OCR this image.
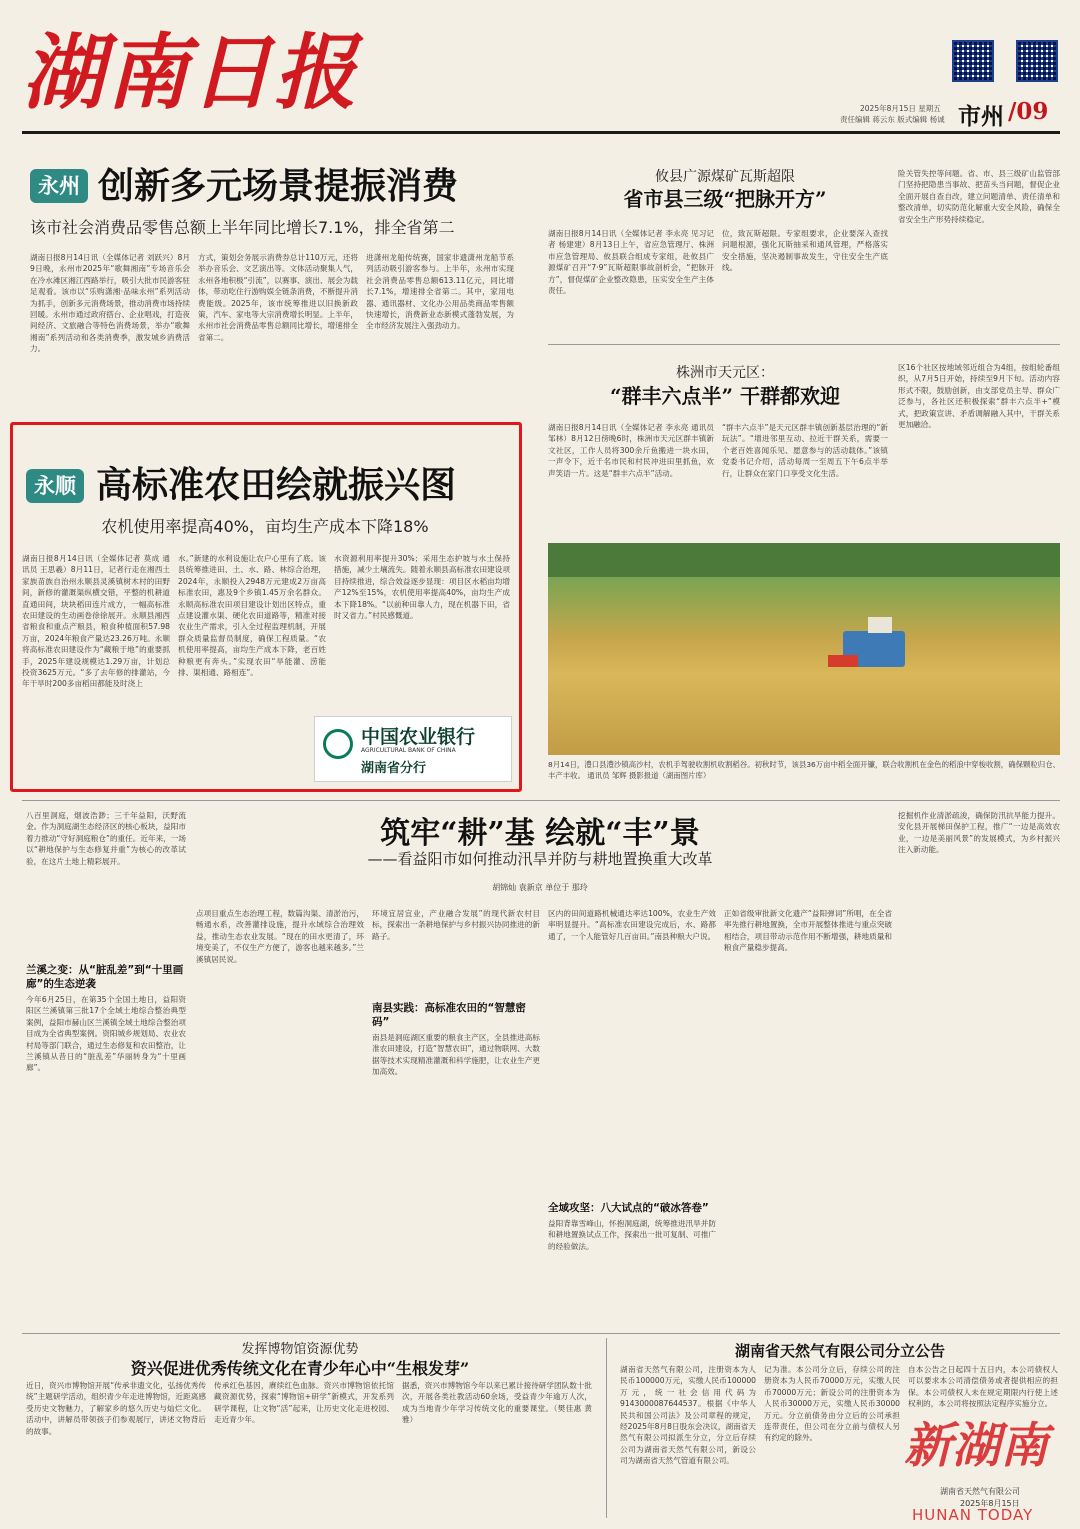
湖南日报	2025年8月15日 星期五
责任编辑 蒋云东 版式编辑 杨诚 市州 /09
永州 创新多元场景提振消费
该市社会消费品零售总额上半年同比增长7.1%，排全省第二
湖南日报8月14日讯（全媒体记者 刘跃兴）8月9日晚，永州市2025年“歌舞湘南”专场音乐会在冷水滩区湘江西路举行，吸引大批市民游客驻足观看。该市以“乐购潇湘·品味永州”系列活动为抓手，创新多元消费场景，推动消费市场持续回暖。永州市通过政府搭台、企业唱戏，打造夜间经济、文旅融合等特色消费场景，举办“歌舞湘南”系列活动和各类消费季，激发城乡消费活力。
方式，策划会务展示消费券总计110万元，还将举办音乐会、文艺演出等。文体活动聚集人气，永州各地积极“引流”，以赛事、演出、展会为载体，带动吃住行游购娱全链条消费，不断提升消费能级。2025年，该市统筹推进以旧换新政策，汽车、家电等大宗消费增长明显。上半年，永州市社会消费品零售总额同比增长，增速排全省第二。
进潇州龙船传统赛，国家非遗潇州龙船节系列活动吸引游客参与。上半年，永州市实现社会消费品零售总额613.11亿元，同比增长7.1%，增速排全省第二。其中，家用电器、通讯器材、文化办公用品类商品零售额快速增长，消费新业态新模式蓬勃发展，为全市经济发展注入强劲动力。
攸县广源煤矿瓦斯超限
省市县三级“把脉开方”
湖南日报8月14日讯（全媒体记者 李永亮 见习记者 杨建建）8月13日上午，省应急管理厅、株洲市应急管理局、攸县联合组成专家组，赴攸县广源煤矿召开“7·9”瓦斯超限事故剖析会，“把脉开方”，督促煤矿企业整改隐患，压实安全生产主体责任。
位，致瓦斯超限。专家组要求，企业要深入查找问题根源，强化瓦斯抽采和通风管理，严格落实安全措施，坚决遏制事故发生，守住安全生产底线。
险关管失控等问题。省、市、县三级矿山监管部门坚持把隐患当事故、把苗头当问题，督促企业全面开展自查自改，建立问题清单、责任清单和整改清单，切实防范化解重大安全风险，确保全省安全生产形势持续稳定。
株洲市天元区：
“群丰六点半” 干群都欢迎
湖南日报8月14日讯（全媒体记者 李永亮 通讯员 邹林）8月12日傍晚6时，株洲市天元区群丰镇新文社区，工作人员将300余斤鱼搬进一块水田，一声令下，近千名市民和村民冲进田里抓鱼，欢声笑语一片。这是“群丰六点半”活动。
“群丰六点半”是天元区群丰镇创新基层治理的“新玩法”。“增进邻里互动、拉近干群关系，需要一个老百姓喜闻乐见、愿意参与的活动载体。”该镇党委书记介绍，活动每周一至周五下午6点半举行，让群众在家门口享受文化生活。
区16个社区按地域邻近组合为4组，按组轮番组织，从7月5日开始，持续至9月下旬。活动内容形式不限，鼓励创新，由支部党员主导、群众广泛参与，各社区还积极探索“群丰六点半+”模式，把政策宣讲、矛盾调解融入其中，干群关系更加融洽。
永顺 高标准农田绘就振兴图
农机使用率提高40%，亩均生产成本下降18%
湖南日报8月14日讯（全媒体记者 莫成 通讯员 王思羲）8月11日，记者行走在湘西土家族苗族自治州永顺县灵溪镇树木村的田野间，新修的灌溉渠纵横交错，平整的机耕道直通田间，块块稻田连片成方，一幅高标准农田建设的生动画卷徐徐展开。永顺县湘西省粮食和重点产粮县，粮食种植面积57.98万亩，2024年粮食产量达23.26万吨。永顺将高标准农田建设作为“藏粮于地”的重要抓手，2025年建设规模达1.29万亩，计划总投资3625万元。“多了去年修的排灌站，今年干旱时200多亩稻田都能及时浇上
水。”新建的水利设施让农户心里有了底。该县统筹推进田、土、水、路、林综合治理，2024年，永顺投入2948万元建成2万亩高标准农田，惠及9个乡镇1.45万余名群众。永顺高标准农田项目建设计划出区特点，重点建设灌水渠、硬化农田道路等，精准对接农业生产需求，引入全过程监理机制，开展群众质量监督员制度，确保工程质量。“农机使用率提高，亩均生产成本下降，老百姓种粮更有奔头。”实现农田“旱能灌、涝能排、渠相通、路相连”。
水资源利用率提升30%；采用生态护坡与水土保持措施，减少土壤流失。随着永顺县高标准农田建设项目持续推进，综合效益逐步显现：项目区水稻亩均增产12%至15%，农机使用率提高40%，亩均生产成本下降18%。“以前种田靠人力，现在机器下田，省时又省力。”村民感慨道。
中国农业银行
AGRICULTURAL BANK OF CHINA
湖南省分行	8月14日，澧口县澧沙镇高沙村，农机手驾驶收割机收割稻谷。初秋时节，该县36万亩中稻全面开镰，联合收割机在金色的稻浪中穿梭收割，确保颗粒归仓、丰产丰收。 通讯员 邹辉 摄影报道（湖南图片库）
筑牢“耕”基 绘就“丰”景
——看益阳市如何推动汛旱并防与耕地置换重大改革
胡锦灿 袁新京 单位于 那玲
八百里洞庭，烟波浩渺；三千年益阳，沃野流金。作为洞庭湖生态经济区的核心板块，益阳市着力推动“守好洞庭粮仓”的重任。近年来，一场以“耕地保护与生态修复并重”为核心的改革试验，在这片土地上精彩展开。
兰溪之变：从“脏乱差”到“十里画廊”的生态逆袭
今年6月25日，在第35个全国土地日，益阳资阳区兰溪镇第三批17个全域土地综合整治典型案例，益阳市赫山区兰溪镇全域土地综合整治项目成为全省典型案例。资阳城乡规划局、农业农村局等部门联合，通过生态修复和农田整治，让兰溪镇从昔日的“脏乱差”华丽转身为“十里画廊”。
点项目重点生态治理工程，数篇沟渠、清淤治污，畅通水系，改善灌排设施，提升水域综合治理效益，推动生态农业发展。“现在的田水更清了，环境变美了，不仅生产方便了，游客也越来越多。”兰溪镇居民说。
环境宜居宜业，产业融合发展”的现代新农村目标，探索出一条耕地保护与乡村振兴协同推进的新路子。
南县实践：高标准农田的“智慧密码”
南县是洞庭湖区重要的粮食主产区，全县推进高标准农田建设，打造“智慧农田”，通过物联网、大数据等技术实现精准灌溉和科学施肥，让农业生产更加高效。
区内的田间道路机械通达率达100%，农业生产效率明显提升。“高标准农田建设完成后，水、路都通了，一个人能管好几百亩田。”南县种粮大户说。
全域攻坚：八大试点的“破冰答卷”
益阳背靠雪峰山，怀抱洞庭湖，统筹推进汛旱并防和耕地置换试点工作，探索出一批可复制、可推广的经验做法。
正如省级审批新文化遗产“益阳弹词”所唱，在全省率先推行耕地置换，全市开展整体推进与重点突破相结合，项目带动示范作用不断增强，耕地质量和粮食产量稳步提高。
挖掘机作业清淤疏浚，确保防汛抗旱能力提升。安化县开展梯田保护工程，推广“一边是高效农业，一边是美丽风景”的发展模式，为乡村振兴注入新动能。
发挥博物馆资源优势
资兴促进优秀传统文化在青少年心中“生根发芽”
近日，资兴市博物馆开展“传承非遗文化，弘扬优秀传统”主题研学活动，组织青少年走进博物馆，近距离感受历史文物魅力，了解家乡的悠久历史与灿烂文化。活动中，讲解员带领孩子们参观展厅，讲述文物背后的故事。
传承红色基因，赓续红色血脉。资兴市博物馆依托馆藏资源优势，探索“博物馆+研学”新模式，开发系列研学课程，让文物“活”起来，让历史文化走进校园、走近青少年。
据悉，资兴市博物馆今年以来已累计接待研学团队数十批次，开展各类社教活动60余场，受益青少年逾万人次，成为当地青少年学习传统文化的重要课堂。（樊佳惠 黄雅）
湖南省天然气有限公司分立公告
湖南省天然气有限公司，注册资本为人民币100000万元，实缴人民币100000万元，统一社会信用代码为9143000087644537。根据《中华人民共和国公司法》及公司章程的规定，经2025年8月8日股东会决议，湖南省天然气有限公司拟派生分立，分立后存续公司为湖南省天然气有限公司，新设公司为湖南省天然气管道有限公司。
记为准。本公司分立后，存续公司的注册资本为人民币70000万元，实缴人民币70000万元；新设公司的注册资本为人民币30000万元，实缴人民币30000万元。分立前债务由分立后的公司承担连带责任，但公司在分立前与债权人另有约定的除外。
自本公告之日起四十五日内，本公司债权人可以要求本公司清偿债务或者提供相应的担保。本公司债权人未在规定期限内行使上述权利的，本公司将按照法定程序实施分立。
湖南省天然气有限公司
2025年8月15日
新湖南
HUNAN TODAY
